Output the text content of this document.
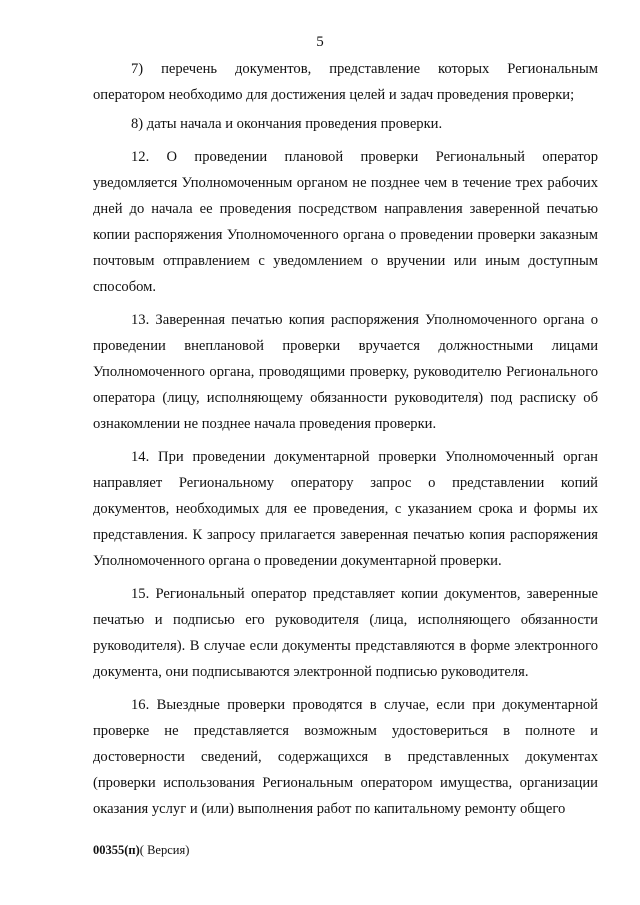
5

7) перечень документов, представление которых Региональным оператором необходимо для достижения целей и задач проведения проверки;

8) даты начала и окончания проведения проверки.

12. О проведении плановой проверки Региональный оператор уведомляется Уполномоченным органом не позднее чем в течение трех рабочих дней до начала ее проведения посредством направления заверенной печатью копии распоряжения Уполномоченного органа о проведении проверки заказным почтовым отправлением с уведомлением о вручении или иным доступным способом.

13. Заверенная печатью копия распоряжения Уполномоченного органа о проведении внеплановой проверки вручается должностными лицами Уполномоченного органа, проводящими проверку, руководителю Регионального оператора (лицу, исполняющему обязанности руководителя) под расписку об ознакомлении не позднее начала проведения проверки.

14. При проведении документарной проверки Уполномоченный орган направляет Региональному оператору запрос о представлении копий документов, необходимых для ее проведения, с указанием срока и формы их представления. К запросу прилагается заверенная печатью копия распоряжения Уполномоченного органа о проведении документарной проверки.

15. Региональный оператор представляет копии документов, заверенные печатью и подписью его руководителя (лица, исполняющего обязанности руководителя). В случае если документы представляются в форме электронного документа, они подписываются электронной подписью руководителя.

16. Выездные проверки проводятся в случае, если при документарной проверке не представляется возможным удостовериться в полноте и достоверности сведений, содержащихся в представленных документах (проверки использования Региональным оператором имущества, организации оказания услуг и (или) выполнения работ по капитальному ремонту общего

00355(п)( Версия)
